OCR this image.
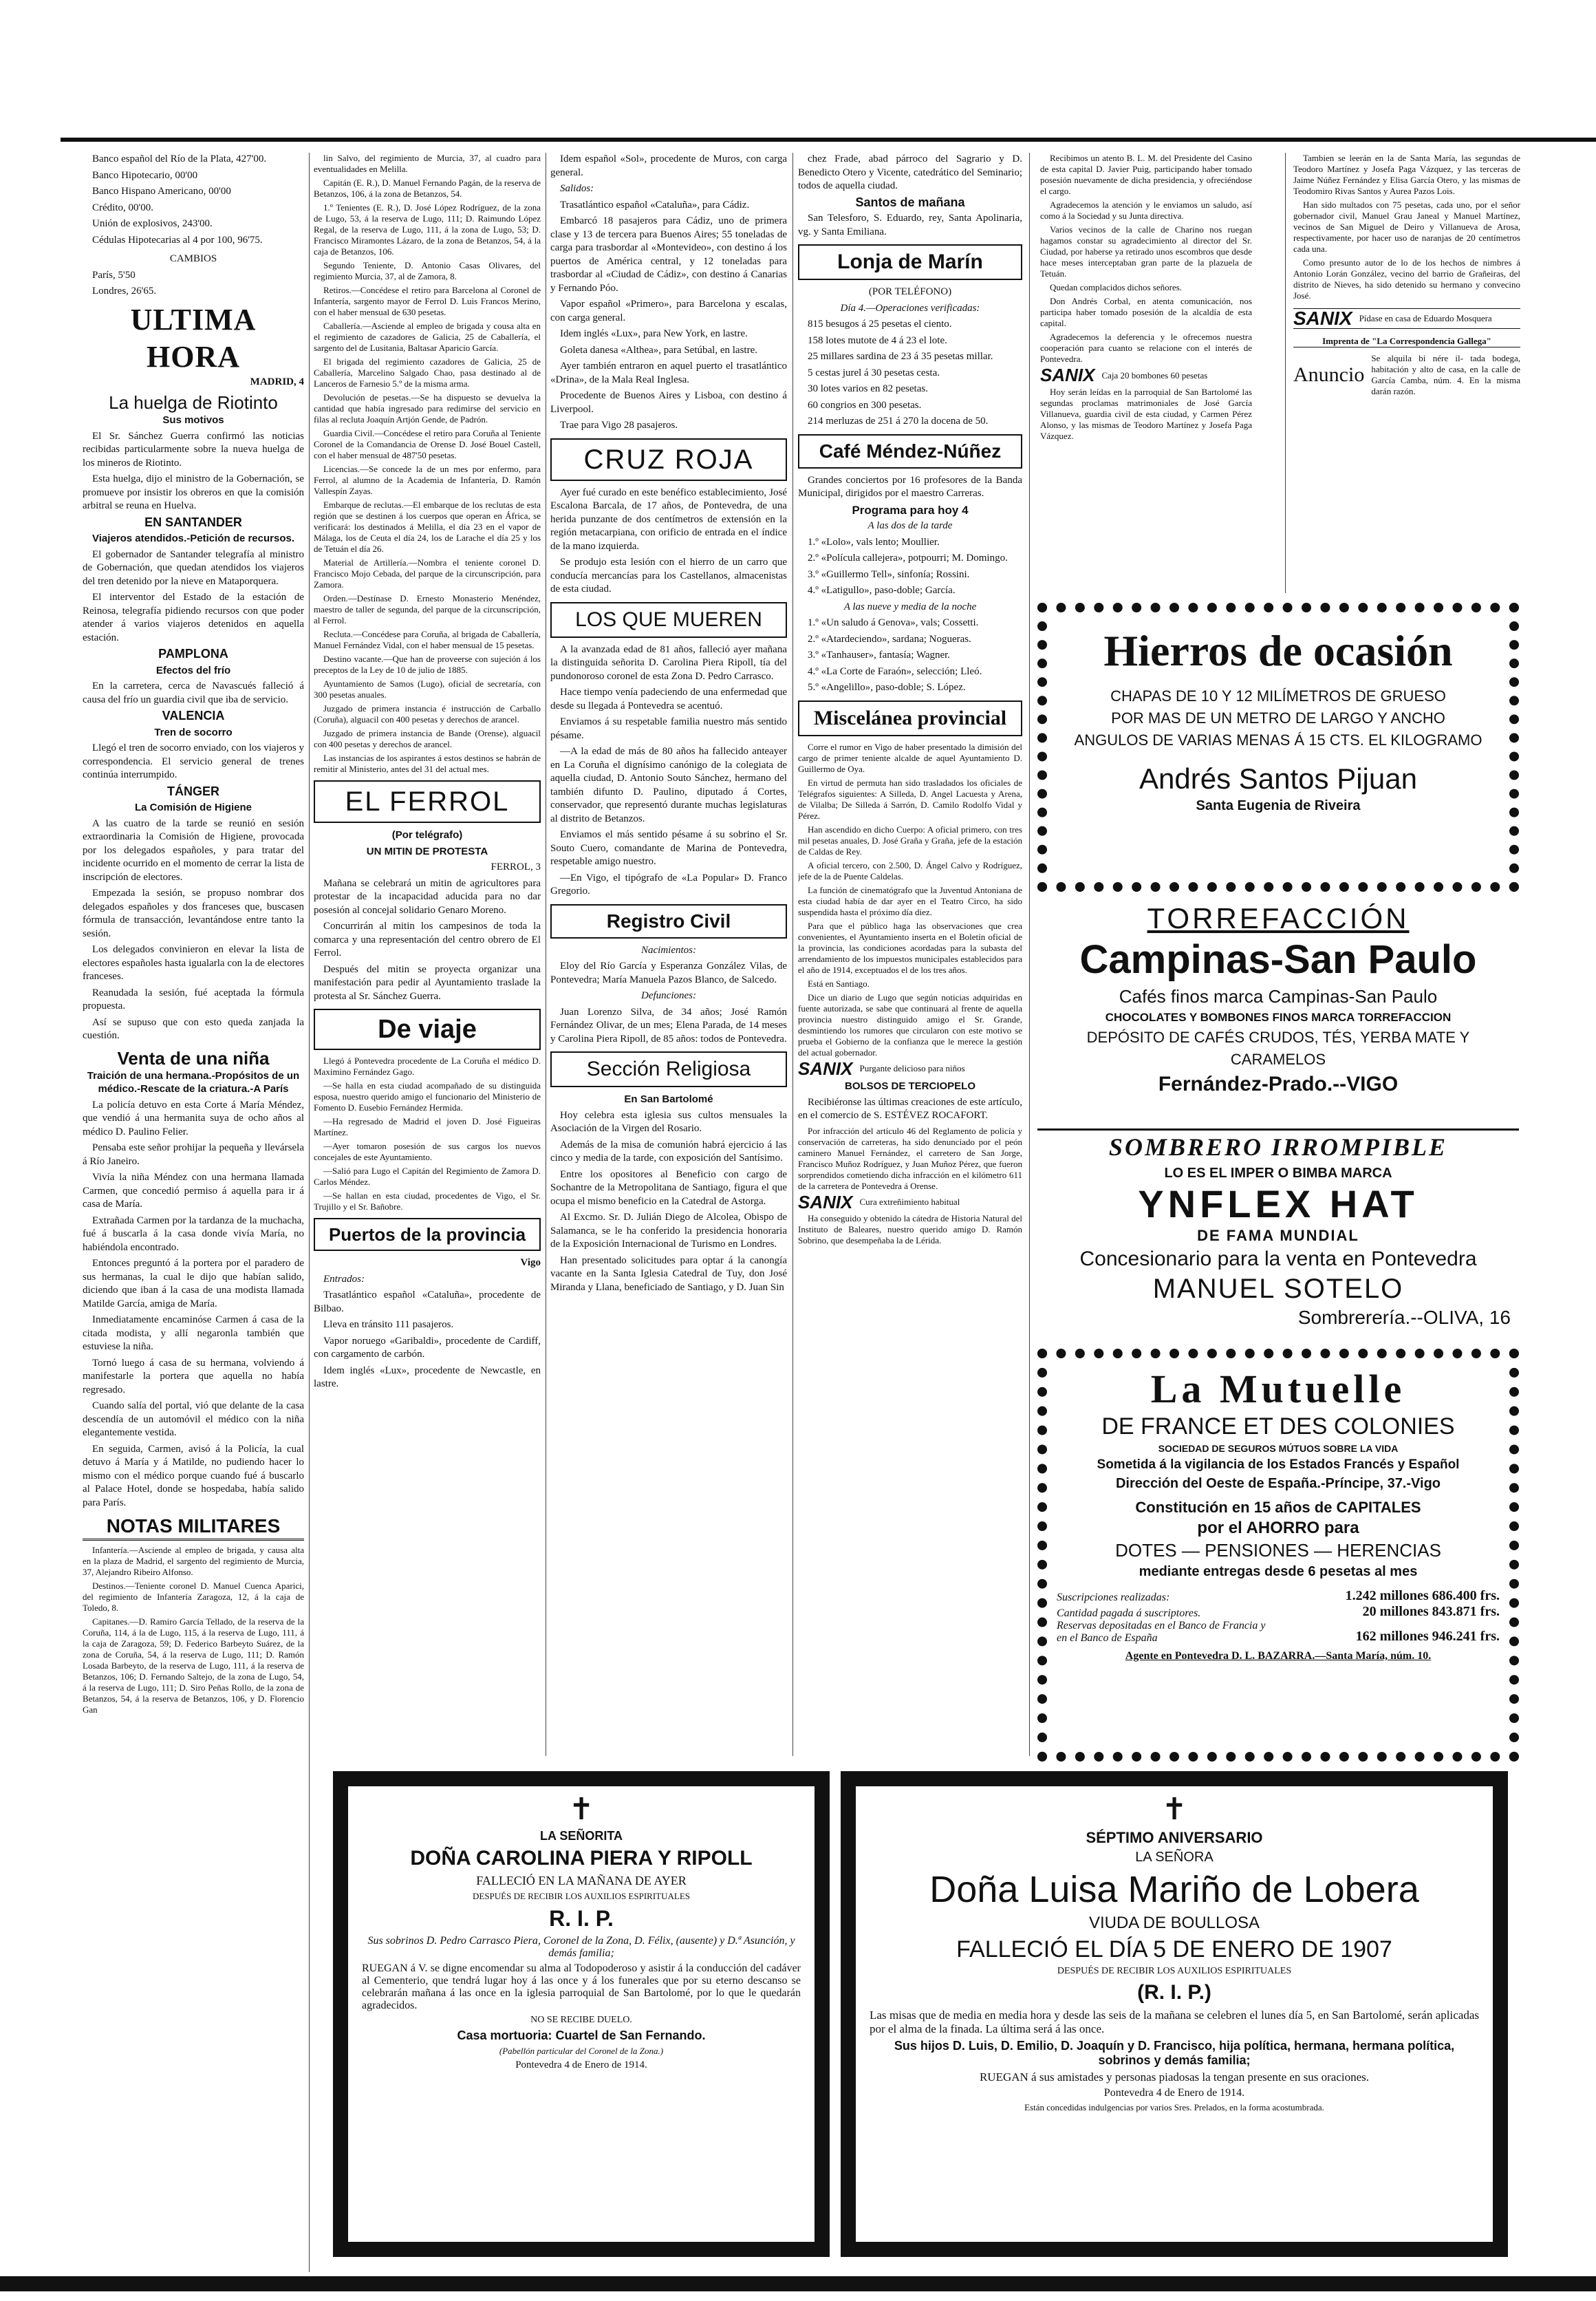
Banco español del Río de la Plata, 427'00.

Banco Hipotecario, 00'00

Banco Hispano Americano, 00'00

Crédito, 00'00.

Unión de explosivos, 243'00.

Cédulas Hipotecarias al 4 por 100, 96'75.

CAMBIOS

París, 5'50

Londres, 26'65.

ULTIMA HORA

MADRID, 4

La huelga de Riotinto

Sus motivos

El Sr. Sánchez Guerra confirmó las noticias recibidas particularmente sobre la nueva huelga de los mineros de Riotinto.

Esta huelga, dijo el ministro de la Gobernación, se promueve por insistir los obreros en que la comisión arbitral se reuna en Huelva.

EN SANTANDER

Viajeros atendidos.-Petición de recursos.

El gobernador de Santander telegrafía al ministro de Gobernación, que quedan atendidos los viajeros del tren detenido por la nieve en Mataporquera.

El interventor del Estado de la estación de Reinosa, telegrafía pidiendo recursos con que poder atender á varios viajeros detenidos en aquella estación.

PAMPLONA

Efectos del frío

En la carretera, cerca de Navascués falleció á causa del frío un guardia civil que iba de servicio.

VALENCIA

Tren de socorro

Llegó el tren de socorro enviado, con los viajeros y correspondencia. El servicio general de trenes continúa interrumpido.

TÁNGER

La Comisión de Higiene

A las cuatro de la tarde se reunió en sesión extraordinaria la Comisión de Higiene, provocada por los delegados españoles, y para tratar del incidente ocurrido en el momento de cerrar la lista de inscripción de electores.

Empezada la sesión, se propuso nombrar dos delegados españoles y dos franceses que, buscasen fórmula de transacción, levantándose entre tanto la sesión.

Los delegados convinieron en elevar la lista de electores españoles hasta igualarla con la de electores franceses.

Reanudada la sesión, fué aceptada la fórmula propuesta.

Así se supuso que con esto queda zanjada la cuestión.

Venta de una niña

Traición de una hermana.-Propósitos de un médico.-Rescate de la criatura.-A París

La policía detuvo en esta Corte á María Méndez, que vendió á una hermanita suya de ocho años al médico D. Paulino Felier.

Pensaba este señor prohijar la pequeña y llevársela á Río Janeiro.

Vivía la niña Méndez con una hermana llamada Carmen, que concedió permiso á aquella para ir á casa de María.

Extrañada Carmen por la tardanza de la muchacha, fué á buscarla á la casa donde vivía María, no habiéndola encontrado.

Entonces preguntó á la portera por el paradero de sus hermanas, la cual le dijo que habían salido, diciendo que iban á la casa de una modista llamada Matilde García, amiga de María.

Inmediatamente encaminóse Carmen á casa de la citada modista, y allí negaronla también que estuviese la niña.

Tornó luego á casa de su hermana, volviendo á manifestarle la portera que aquella no había regresado.

Cuando salía del portal, vió que delante de la casa descendía de un automóvil el médico con la niña elegantemente vestida.

En seguida, Carmen, avisó á la Policía, la cual detuvo á María y á Matilde, no pudiendo hacer lo mismo con el médico porque cuando fué á buscarlo al Palace Hotel, donde se hospedaba, había salido para París.

NOTAS MILITARES

Infantería.—Asciende al empleo de brigada, y causa alta en la plaza de Madrid, el sargento del regimiento de Murcia, 37, Alejandro Ribeiro Alfonso.

Destinos.—Teniente coronel D. Manuel Cuenca Aparici, del regimiento de Infantería Zaragoza, 12, á la caja de Toledo, 8.

Capitanes.—D. Ramiro García Tellado, de la reserva de la Coruña, 114, á la de Lugo, 115, á la reserva de Lugo, 111, á la caja de Zaragoza, 59; D. Federico Barbeyto Suárez, de la zona de Coruña, 54, á la reserva de Lugo, 111; D. Ramón Losada Barbeyto, de la reserva de Lugo, 111, á la reserva de Betanzos, 106; D. Fernando Saltejo, de la zona de Lugo, 54, á la reserva de Lugo, 111; D. Siro Peñas Rollo, de la zona de Betanzos, 54, á la reserva de Betanzos, 106, y D. Florencio Gan

lin Salvo, del regimiento de Murcia, 37, al cuadro para eventualidades en Melilla.

Capitán (E. R.), D. Manuel Fernando Pagán, de la reserva de Betanzos, 106, á la zona de Betanzos, 54.

1.º Tenientes (E. R.), D. José López Rodríguez, de la zona de Lugo, 53, á la reserva de Lugo, 111; D. Raimundo López Regal, de la reserva de Lugo, 111, á la zona de Lugo, 53; D. Francisco Miramontes Lázaro, de la zona de Betanzos, 54, á la caja de Betanzos, 106.

Segundo Teniente, D. Antonio Casas Olivares, del regimiento Murcia, 37, al de Zamora, 8.

Retiros.—Concédese el retiro para Barcelona al Coronel de Infantería, sargento mayor de Ferrol D. Luis Francos Merino, con el haber mensual de 630 pesetas.

Caballería.—Asciende al empleo de brigada y cousa alta en el regimiento de cazadores de Galicia, 25 de Caballería, el sargento del de Lusitania, Baltasar Aparicio García.

El brigada del regimiento cazadores de Galicia, 25 de Caballería, Marcelino Salgado Chao, pasa destinado al de Lanceros de Farnesio 5.º de la misma arma.

Devolución de pesetas.—Se ha dispuesto se devuelva la cantidad que había ingresado para redimirse del servicio en filas al recluta Joaquín Artjón Gende, de Padrón.

Guardia Civil.—Concédese el retiro para Coruña al Teniente Coronel de la Comandancia de Orense D. José Bouel Castell, con el haber mensual de 487'50 pesetas.

Licencias.—Se concede la de un mes por enfermo, para Ferrol, al alumno de la Academia de Infantería, D. Ramón Vallespín Zayas.

Embarque de reclutas.—El embarque de los reclutas de esta región que se destinen á los cuerpos que operan en África, se verificará: los destinados á Melilla, el día 23 en el vapor de Málaga, los de Ceuta el día 24, los de Larache el día 25 y los de Tetuán el día 26.

Material de Artillería.—Nombra el teniente coronel D. Francisco Mojo Cebada, del parque de la circunscripción, para Zamora.

Orden.—Destínase D. Ernesto Monasterio Menéndez, maestro de taller de segunda, del parque de la circunscripción, al Ferrol.

Recluta.—Concédese para Coruña, al brigada de Caballería, Manuel Fernández Vidal, con el haber mensual de 15 pesetas.

Destino vacante.—Que han de proveerse con sujeción á los preceptos de la Ley de 10 de julio de 1885.

Ayuntamiento de Samos (Lugo), oficial de secretaría, con 300 pesetas anuales.

Juzgado de primera instancia é instrucción de Carballo (Coruña), alguacil con 400 pesetas y derechos de arancel.

Juzgado de primera instancia de Bande (Orense), alguacil con 400 pesetas y derechos de arancel.

Las instancias de los aspirantes á estos destinos se habrán de remitir al Ministerio, antes del 31 del actual mes.

EL FERROL

(Por telégrafo)

UN MITIN DE PROTESTA

FERROL, 3

Mañana se celebrará un mitin de agricultores para protestar de la incapacidad aducida para no dar posesión al concejal solidario Genaro Moreno.

Concurrirán al mitin los campesinos de toda la comarca y una representación del centro obrero de El Ferrol.

Después del mitin se proyecta organizar una manifestación para pedir al Ayuntamiento traslade la protesta al Sr. Sánchez Guerra.

De viaje

Llegó á Pontevedra procedente de La Coruña el médico D. Maximino Fernández Gago.

—Se halla en esta ciudad acompañado de su distinguida esposa, nuestro querido amigo el funcionario del Ministerio de Fomento D. Eusebio Fernández Hermida.

—Ha regresado de Madrid el joven D. José Figueiras Martínez.

—Ayer tomaron posesión de sus cargos los nuevos concejales de este Ayuntamiento.

—Salió para Lugo el Capitán del Regimiento de Zamora D. Carlos Méndez.

—Se hallan en esta ciudad, procedentes de Vigo, el Sr. Trujillo y el Sr. Bañobre.

Puertos de la provincia

Vigo

Entrados:

Trasatlántico español «Cataluña», procedente de Bilbao.

Lleva en tránsito 111 pasajeros.

Vapor noruego «Garibaldi», procedente de Cardiff, con cargamento de carbón.

Idem inglés «Lux», procedente de Newcastle, en lastre.

Idem español «Sol», procedente de Muros, con carga general.

Salidos:

Trasatlántico español «Cataluña», para Cádiz.

Embarcó 18 pasajeros para Cádiz, uno de primera clase y 13 de tercera para Buenos Aires; 55 toneladas de carga para trasbordar al «Montevideo», con destino á los puertos de América central, y 12 toneladas para trasbordar al «Ciudad de Cádiz», con destino á Canarias y Fernando Póo.

Vapor español «Primero», para Barcelona y escalas, con carga general.

Idem inglés «Lux», para New York, en lastre.

Goleta danesa «Althea», para Setúbal, en lastre.

Ayer también entraron en aquel puerto el trasatlántico «Drina», de la Mala Real Inglesa.

Procedente de Buenos Aires y Lisboa, con destino á Liverpool.

Trae para Vigo 28 pasajeros.

CRUZ ROJA

Ayer fué curado en este benéfico establecimiento, José Escalona Barcala, de 17 años, de Pontevedra, de una herida punzante de dos centímetros de extensión en la región metacarpiana, con orificio de entrada en el índice de la mano izquierda.

Se produjo esta lesión con el hierro de un carro que conducía mercancías para los Castellanos, almacenistas de esta ciudad.

LOS QUE MUEREN

A la avanzada edad de 81 años, falleció ayer mañana la distinguida señorita D. Carolina Piera Ripoll, tía del pundonoroso coronel de esta Zona D. Pedro Carrasco.

Hace tiempo venía padeciendo de una enfermedad que desde su llegada á Pontevedra se acentuó.

Enviamos á su respetable familia nuestro más sentido pésame.

—A la edad de más de 80 años ha fallecido anteayer en La Coruña el dignísimo canónigo de la colegiata de aquella ciudad, D. Antonio Souto Sánchez, hermano del también difunto D. Paulino, diputado á Cortes, conservador, que representó durante muchas legislaturas al distrito de Betanzos.

Enviamos el más sentido pésame á su sobrino el Sr. Souto Cuero, comandante de Marina de Pontevedra, respetable amigo nuestro.

—En Vigo, el tipógrafo de «La Popular» D. Franco Gregorio.

Registro Civil

Nacimientos:

Eloy del Río García y Esperanza González Vilas, de Pontevedra; María Manuela Pazos Blanco, de Salcedo.

Defunciones:

Juan Lorenzo Silva, de 34 años; José Ramón Fernández Olivar, de un mes; Elena Parada, de 14 meses y Carolina Piera Ripoll, de 85 años: todos de Pontevedra.

Sección Religiosa

En San Bartolomé

Hoy celebra esta iglesia sus cultos mensuales la Asociación de la Virgen del Rosario.

Además de la misa de comunión habrá ejercicio á las cinco y media de la tarde, con exposición del Santísimo.

Entre los opositores al Beneficio con cargo de Sochantre de la Metropolitana de Santiago, figura el que ocupa el mismo beneficio en la Catedral de Astorga.

Al Excmo. Sr. D. Julián Diego de Alcolea, Obispo de Salamanca, se le ha conferido la presidencia honoraria de la Exposición Internacional de Turismo en Londres.

Han presentado solicitudes para optar á la canongía vacante en la Santa Iglesia Catedral de Tuy, don José Miranda y Llana, beneficiado de Santiago, y D. Juan Sin

chez Frade, abad párroco del Sagrario y D. Benedicto Otero y Vicente, catedrático del Seminario; todos de aquella ciudad.

Santos de mañana

San Telesforo, S. Eduardo, rey, Santa Apolinaria, vg. y Santa Emiliana.

Lonja de Marín

(POR TELÉFONO)

Día 4.—Operaciones verificadas:

815 besugos á 25 pesetas el ciento.

158 lotes mutote de 4 á 23 el lote.

25 millares sardina de 23 á 35 pesetas millar.

5 cestas jurel á 30 pesetas cesta.

30 lotes varios en 82 pesetas.

60 congrios en 300 pesetas.

214 merluzas de 251 á 270 la docena de 50.

Café Méndez-Núñez

Grandes conciertos por 16 profesores de la Banda Municipal, dirigidos por el maestro Carreras.

Programa para hoy 4

A las dos de la tarde

1.º «Lolo», vals lento; Moullier.

2.º «Polícula callejera», potpourri; M. Domingo.

3.º «Guillermo Tell», sinfonía; Rossini.

4.º «Latigullo», paso-doble; García.

A las nueve y media de la noche

1.º «Un saludo á Genova», vals; Cossetti.

2.º «Atardeciendo», sardana; Nogueras.

3.º «Tanhauser», fantasía; Wagner.

4.º «La Corte de Faraón», selección; Lleó.

5.º «Angelillo», paso-doble; S. López.

Miscelánea provincial

Corre el rumor en Vigo de haber presentado la dimisión del cargo de primer teniente alcalde de aquel Ayuntamiento D. Guillermo de Oya.

En virtud de permuta han sido trasladados los oficiales de Telégrafos siguientes: A Silleda, D. Angel Lacuesta y Arena, de Vilalba; De Silleda á Sarrón, D. Camilo Rodolfo Vidal y Pérez.

Han ascendido en dicho Cuerpo: A oficial primero, con tres mil pesetas anuales, D. José Graña y Graña, jefe de la estación de Caldas de Rey.

A oficial tercero, con 2.500, D. Ángel Calvo y Rodríguez, jefe de la de Puente Caldelas.

La función de cinematógrafo que la Juventud Antoniana de esta ciudad había de dar ayer en el Teatro Circo, ha sido suspendida hasta el próximo día diez.

Para que el público haga las observaciones que crea convenientes, el Ayuntamiento inserta en el Boletín oficial de la provincia, las condiciones acordadas para la subasta del arrendamiento de los impuestos municipales establecidos para el año de 1914, exceptuados el de los tres años.

Está en Santiago.

Dice un diario de Lugo que según noticias adquiridas en fuente autorizada, se sabe que continuará al frente de aquella provincia nuestro distinguido amigo el Sr. Grande, desmintiendo los rumores que circularon con este motivo se prueba el Gobierno de la confianza que le merece la gestión del actual gobernador.

SANIX Purgante delicioso para niños

BOLSOS DE TERCIOPELO

Recibiéronse las últimas creaciones de este artículo, en el comercio de S. ESTÉVEZ ROCAFORT.

Por infracción del artículo 46 del Reglamento de policía y conservación de carreteras, ha sido denunciado por el peón caminero Manuel Fernández, el carretero de San Jorge, Francisco Muñoz Rodríguez, y Juan Muñoz Pérez, que fueron sorprendidos cometiendo dicha infracción en el kilómetro 611 de la carretera de Pontevedra á Orense.

SANIX Cura extreñimiento habitual

Ha conseguido y obtenido la cátedra de Historia Natural del Instituto de Baleares, nuestro querido amigo D. Ramón Sobrino, que desempeñaba la de Lérida.

Recibimos un atento B. L. M. del Presidente del Casino de esta capital D. Javier Puig, participando haber tomado posesión nuevamente de dicha presidencia, y ofreciéndose el cargo.

Agradecemos la atención y le enviamos un saludo, así como á la Sociedad y su Junta directiva.

Varios vecinos de la calle de Charino nos ruegan hagamos constar su agradecimiento al director del Sr. Ciudad, por haberse ya retirado unos escombros que desde hace meses interceptaban gran parte de la plazuela de Tetuán.

Quedan complacidos dichos señores.

Don Andrés Corbal, en atenta comunicación, nos participa haber tomado posesión de la alcaldía de esta capital.

Agradecemos la deferencia y le ofrecemos nuestra cooperación para cuanto se relacione con el interés de Pontevedra.

SANIX Caja 20 bombones 60 pesetas

Hoy serán leídas en la parroquial de San Bartolomé las segundas proclamas matrimoniales de José García Villanueva, guardia civil de esta ciudad, y Carmen Pérez Alonso, y las mismas de Teodoro Martínez y Josefa Paga Vázquez.

Tambien se leerán en la de Santa María, las segundas de Teodoro Martínez y Josefa Paga Vázquez, y las terceras de Jaime Núñez Fernández y Elisa García Otero, y las mismas de Teodomiro Rivas Santos y Aurea Pazos Lois.

Han sido multados con 75 pesetas, cada uno, por el señor gobernador civil, Manuel Grau Janeal y Manuel Martínez, vecinos de San Miguel de Deiro y Villanueva de Arosa, respectivamente, por hacer uso de naranjas de 20 centímetros cada una.

Como presunto autor de lo de los hechos de nimbres á Antonio Lorán González, vecino del barrio de Grañeiras, del distrito de Nieves, ha sido detenido su hermano y convecino José.

SANIX Pídase en casa de Eduardo Mosquera

Imprenta de "La Correspondencia Gallega"

Anuncio
Se alquila bi nére il- tada bodega, habitación y alto de casa, en la calle de García Camba, núm. 4. En la misma darán razón.
Hierros de ocasión
CHAPAS DE 10 Y 12 MILÍMETROS DE GRUESO
POR MAS DE UN METRO DE LARGO Y ANCHO
ANGULOS DE VARIAS MENAS Á 15 CTS. EL KILOGRAMO
Andrés Santos Pijuan
Santa Eugenia de Riveira
TORREFACCIÓN
Campinas-San Paulo
Cafés finos marca Campinas-San Paulo
CHOCOLATES Y BOMBONES FINOS MARCA TORREFACCION
DEPÓSITO DE CAFÉS CRUDOS, TÉS, YERBA MATE Y CARAMELOS
Fernández-Prado.--VIGO
SOMBRERO IRROMPIBLE
LO ES EL IMPER O BIMBA MARCA
YNFLEX HAT
DE FAMA MUNDIAL
Concesionario para la venta en Pontevedra
MANUEL SOTELO
Sombrerería.--OLIVA, 16
La Mutuelle
DE FRANCE ET DES COLONIES
SOCIEDAD DE SEGUROS MÚTUOS SOBRE LA VIDA
Sometida á la vigilancia de los Estados Francés y Español
Dirección del Oeste de España.-Príncipe, 37.-Vigo
Constitución en 15 años de CAPITALES
por el AHORRO para
DOTES — PENSIONES — HERENCIAS
mediante entregas desde 6 pesetas al mes
Suscripciones realizadas:	1.242 millones 686.400 frs.
Cantidad pagada á suscriptores.	20 millones 843.871 frs.
Reservas depositadas en el Banco de Francia y en el Banco de España	162 millones 946.241 frs.
Agente en Pontevedra D. L. BAZARRA.—Santa María, núm. 10.
✝

LA SEÑORITA

DOÑA CAROLINA PIERA Y RIPOLL

FALLECIÓ EN LA MAÑANA DE AYER

DESPUÉS DE RECIBIR LOS AUXILIOS ESPIRITUALES

R. I. P.

Sus sobrinos D. Pedro Carrasco Piera, Coronel de la Zona, D. Félix, (ausente) y D.ª Asunción, y demás familia;

RUEGAN á V. se digne encomendar su alma al Todopoderoso y asistir á la conducción del cadáver al Cementerio, que tendrá lugar hoy á las once y á los funerales que por su eterno descanso se celebrarán mañana á las once en la iglesia parroquial de San Bartolomé, por lo que le quedarán agradecidos.

NO SE RECIBE DUELO.

Casa mortuoria: Cuartel de San Fernando.

(Pabellón particular del Coronel de la Zona.)

Pontevedra 4 de Enero de 1914.

✝

SÉPTIMO ANIVERSARIO

LA SEÑORA

Doña Luisa Mariño de Lobera

VIUDA DE BOULLOSA

FALLECIÓ EL DÍA 5 DE ENERO DE 1907

DESPUÉS DE RECIBIR LOS AUXILIOS ESPIRITUALES

(R. I. P.)

Las misas que de media en media hora y desde las seis de la mañana se celebren el lunes día 5, en San Bartolomé, serán aplicadas por el alma de la finada. La última será á las once.

Sus hijos D. Luis, D. Emilio, D. Joaquín y D. Francisco, hija política, hermana, hermana política, sobrinos y demás familia;

RUEGAN á sus amistades y personas piadosas la tengan presente en sus oraciones.

Pontevedra 4 de Enero de 1914.

Están concedidas indulgencias por varios Sres. Prelados, en la forma acostumbrada.
